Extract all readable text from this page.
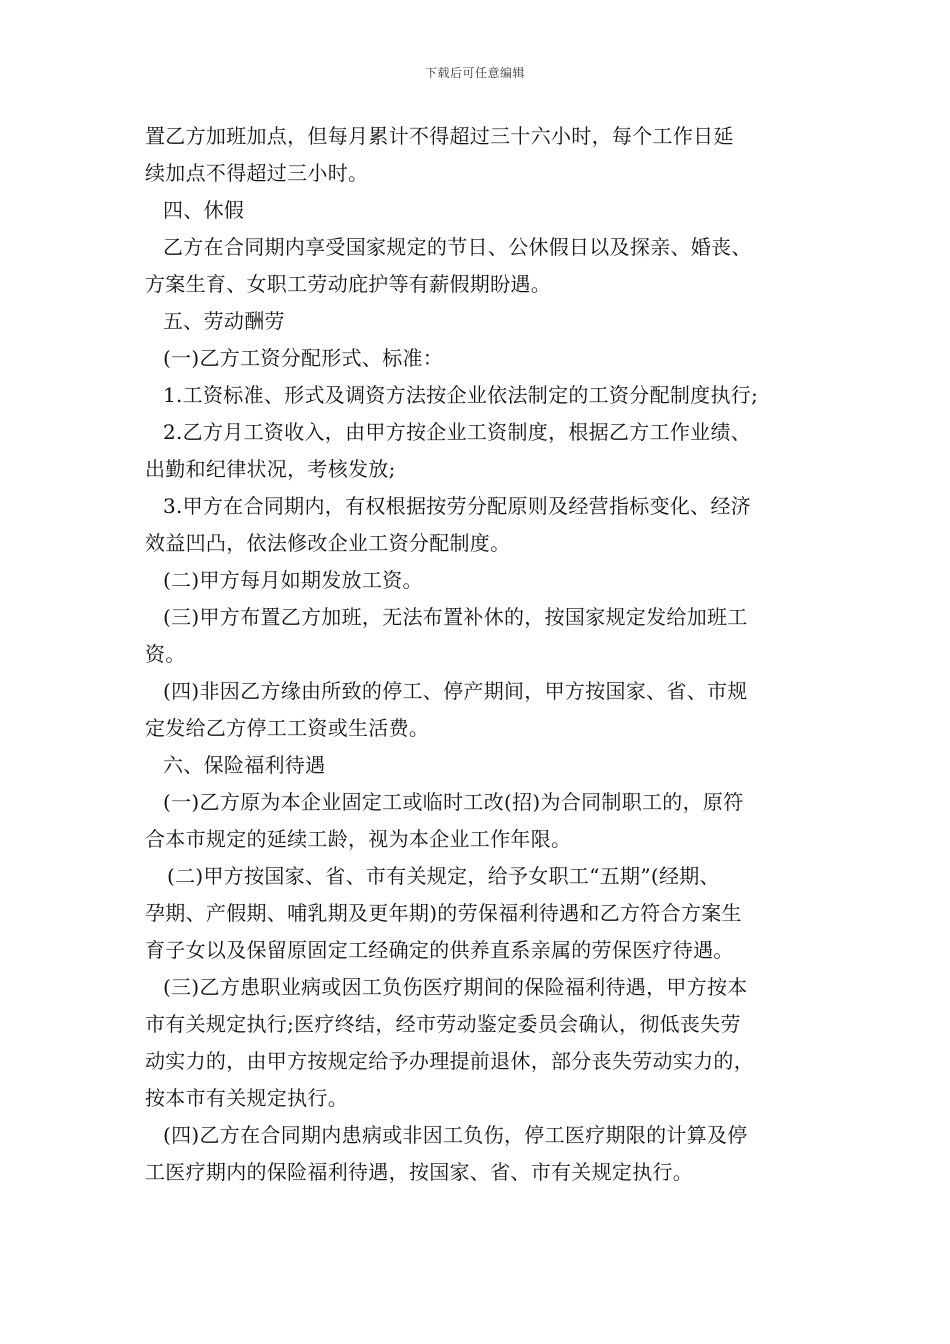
下载后可任意编辑
置乙方加班加点，但每月累计不得超过三十六小时，每个工作日延
续加点不得超过三小时。
四、休假
乙方在合同期内享受国家规定的节日、公休假日以及探亲、婚丧、
方案生育、女职工劳动庇护等有薪假期盼遇。
五、劳动酬劳
(一)乙方工资分配形式、标准：
1.工资标准、形式及调资方法按企业依法制定的工资分配制度执行;
2.乙方月工资收入，由甲方按企业工资制度，根据乙方工作业绩、
出勤和纪律状况，考核发放;
3.甲方在合同期内，有权根据按劳分配原则及经营指标变化、经济
效益凹凸，依法修改企业工资分配制度。
(二)甲方每月如期发放工资。
(三)甲方布置乙方加班，无法布置补休的，按国家规定发给加班工
资。
(四)非因乙方缘由所致的停工、停产期间，甲方按国家、省、市规
定发给乙方停工工资或生活费。
六、保险福利待遇
(一)乙方原为本企业固定工或临时工改(招)为合同制职工的，原符
合本市规定的延续工龄，视为本企业工作年限。
(二)甲方按国家、省、市有关规定，给予女职工“五期”(经期、
孕期、产假期、哺乳期及更年期)的劳保福利待遇和乙方符合方案生
育子女以及保留原固定工经确定的供养直系亲属的劳保医疗待遇。
(三)乙方患职业病或因工负伤医疗期间的保险福利待遇，甲方按本
市有关规定执行;医疗终结，经市劳动鉴定委员会确认，彻低丧失劳
动实力的，由甲方按规定给予办理提前退休，部分丧失劳动实力的，
按本市有关规定执行。
(四)乙方在合同期内患病或非因工负伤，停工医疗期限的计算及停
工医疗期内的保险福利待遇，按国家、省、市有关规定执行。
